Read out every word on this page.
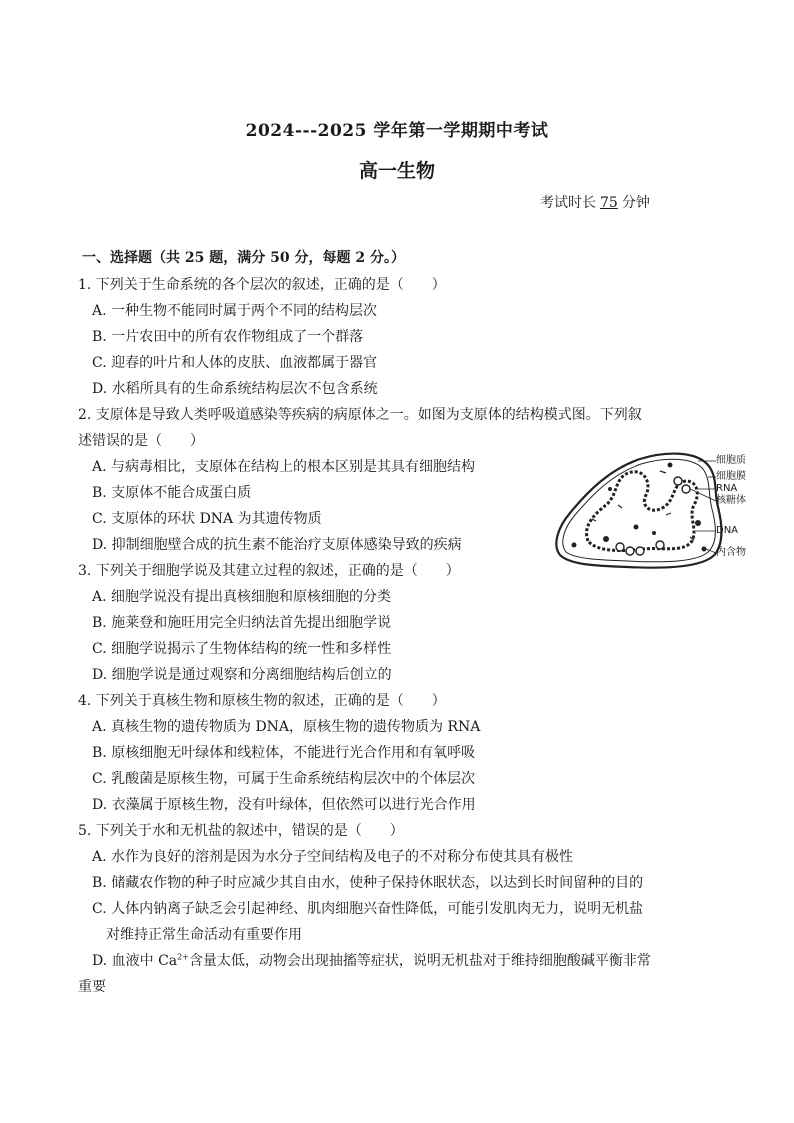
2024---2025 学年第一学期期中考试
高一生物
考试时长 75 分钟
一、选择题（共 25 题，满分 50 分，每题 2 分。）
1. 下列关于生命系统的各个层次的叙述，正确的是（　　）
A. 一种生物不能同时属于两个不同的结构层次
B. 一片农田中的所有农作物组成了一个群落
C. 迎春的叶片和人体的皮肤、血液都属于器官
D. 水稻所具有的生命系统结构层次不包含系统
2. 支原体是导致人类呼吸道感染等疾病的病原体之一。如图为支原体的结构模式图。下列叙
述错误的是（　　）
A. 与病毒相比，支原体在结构上的根本区别是其具有细胞结构
B. 支原体不能合成蛋白质
C. 支原体的环状 DNA 为其遗传物质
D. 抑制细胞壁合成的抗生素不能治疗支原体感染导致的疾病
细胞质
细胞膜
RNA
核糖体
DNA
内含物
3. 下列关于细胞学说及其建立过程的叙述，正确的是（　　）
A. 细胞学说没有提出真核细胞和原核细胞的分类
B. 施莱登和施旺用完全归纳法首先提出细胞学说
C. 细胞学说揭示了生物体结构的统一性和多样性
D. 细胞学说是通过观察和分离细胞结构后创立的
4. 下列关于真核生物和原核生物的叙述，正确的是（　　）
A. 真核生物的遗传物质为 DNA，原核生物的遗传物质为 RNA
B. 原核细胞无叶绿体和线粒体，不能进行光合作用和有氧呼吸
C. 乳酸菌是原核生物，可属于生命系统结构层次中的个体层次
D. 衣藻属于原核生物，没有叶绿体，但依然可以进行光合作用
5. 下列关于水和无机盐的叙述中，错误的是（　　）
A. 水作为良好的溶剂是因为水分子空间结构及电子的不对称分布使其具有极性
B. 储藏农作物的种子时应减少其自由水，使种子保持休眠状态，以达到长时间留种的目的
C. 人体内钠离子缺乏会引起神经、肌肉细胞兴奋性降低，可能引发肌肉无力，说明无机盐
对维持正常生命活动有重要作用
D. 血液中 $Ca^{2+}$含量太低，动物会出现抽搐等症状，说明无机盐对于维持细胞酸碱平衡非常
重要
